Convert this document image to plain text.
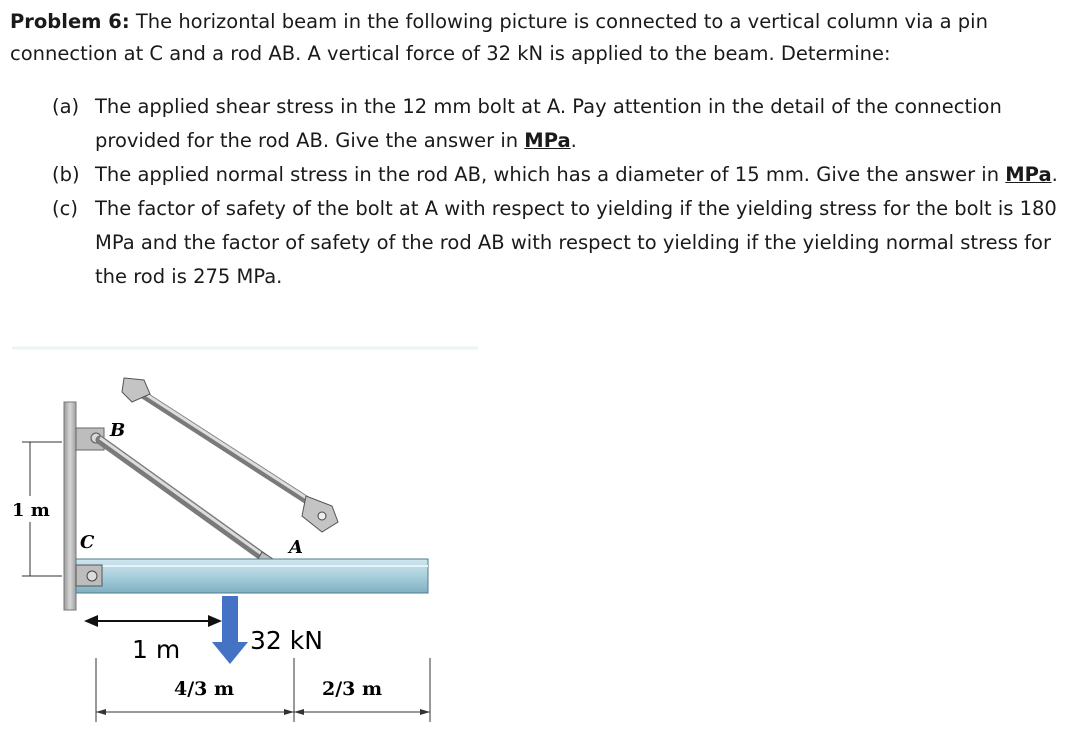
Problem 6: The horizontal beam in the following picture is connected to a vertical column via a pin connection at C and a rod AB. A vertical force of 32 kN is applied to the beam. Determine:
(a) The applied shear stress in the 12 mm bolt at A. Pay attention in the detail of the connection provided for the rod AB. Give the answer in MPa.
(b) The applied normal stress in the rod AB, which has a diameter of 15 mm. Give the answer in MPa.
(c) The factor of safety of the bolt at A with respect to yielding if the yielding stress for the bolt is 180 MPa and the factor of safety of the rod AB with respect to yielding if the yielding normal stress for the rod is 275 MPa.
B
C	A
1 m
1 m	32 kN
4/3 m	2/3 m
